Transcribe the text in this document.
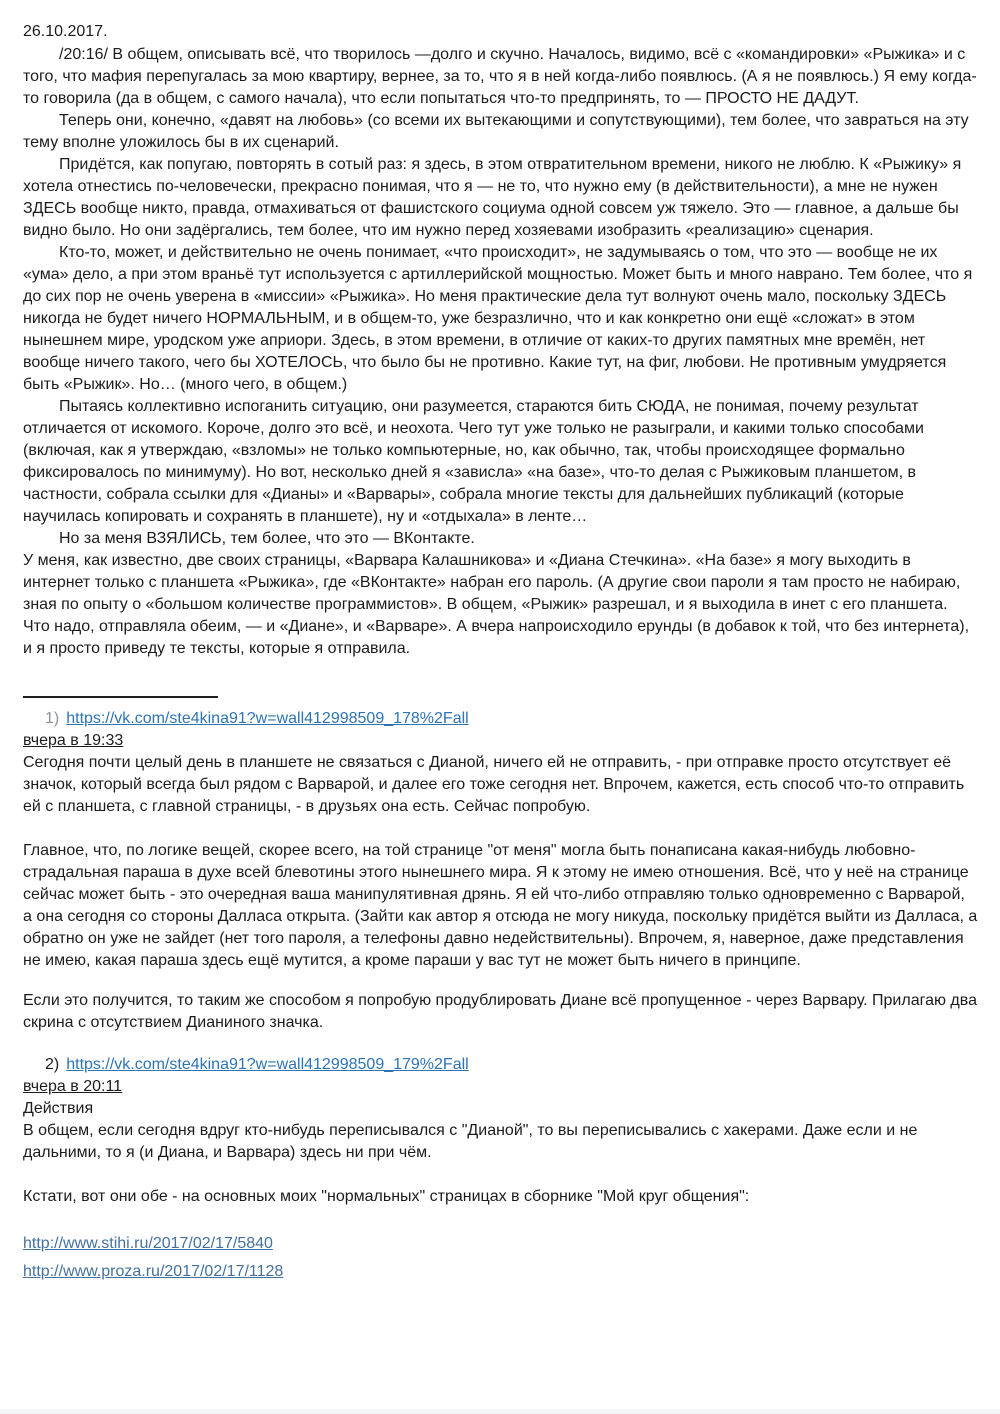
26.10.2017.

/20:16/ В общем, описывать всё, что творилось —долго и скучно. Началось, видимо, всё с «командировки» «Рыжика» и с того, что мафия перепугалась за мою квартиру, вернее, за то, что я в ней когда-либо появлюсь. (А я не появлюсь.) Я ему когда-то говорила (да в общем, с самого начала), что если попытаться что-то предпринять, то — ПРОСТО НЕ ДАДУТ.

Теперь они, конечно, «давят на любовь» (со всеми их вытекающими и сопутствующими), тем более, что завраться на эту тему вполне уложилось бы в их сценарий.

Придётся, как попугаю, повторять в сотый раз: я здесь, в этом отвратительном времени, никого не люблю. К «Рыжику» я хотела отнестись по-человечески, прекрасно понимая, что я — не то, что нужно ему (в действительности), а мне не нужен ЗДЕСЬ вообще никто, правда, отмахиваться от фашистского социума одной совсем уж тяжело. Это — главное, а дальше бы видно было. Но они задёргались, тем более, что им нужно перед хозяевами изобразить «реализацию» сценария.

Кто-то, может, и действительно не очень понимает, «что происходит», не задумываясь о том, что это — вообще не их «ума» дело, а при этом враньё тут используется с артиллерийской мощностью. Может быть и много наврано. Тем более, что я до сих пор не очень уверена в «миссии» «Рыжика». Но меня практические дела тут волнуют очень мало, поскольку ЗДЕСЬ никогда не будет ничего НОРМАЛЬНЫМ, и в общем-то, уже безразлично, что и как конкретно они ещё «сложат» в этом нынешнем мире, уродском уже априори. Здесь, в этом времени, в отличие от каких-то других памятных мне времён, нет вообще ничего такого, чего бы ХОТЕЛОСЬ, что было бы не противно. Какие тут, на фиг, любови. Не противным умудряется быть «Рыжик». Но… (много чего, в общем.)

Пытаясь коллективно испоганить ситуацию, они разумеется, стараются бить СЮДА, не понимая, почему результат отличается от искомого. Короче, долго это всё, и неохота. Чего тут уже только не разыграли, и какими только способами (включая, как я утверждаю, «взломы» не только компьютерные, но, как обычно, так, чтобы происходящее формально фиксировалось по минимуму). Но вот, несколько дней я «зависла» «на базе», что-то делая с Рыжиковым планшетом, в частности, собрала ссылки для «Дианы» и «Варвары», собрала многие тексты для дальнейших публикаций (которые научилась копировать и сохранять в планшете), ну и «отдыхала» в ленте…

Но за меня ВЗЯЛИСЬ, тем более, что это — ВКонтакте.

У меня, как известно, две своих страницы, «Варвара Калашникова» и «Диана Стечкина». «На базе» я могу выходить в интернет только с планшета «Рыжика», где «ВКонтакте» набран его пароль. (А другие свои пароли я там просто не набираю, зная по опыту о «большом количестве программистов». В общем, «Рыжик» разрешал, и я выходила в инет с его планшета. Что надо, отправляла обеим, — и «Диане», и «Варваре». А вчера напроисходило ерунды (в добавок к той, что без интернета), и я просто приведу те тексты, которые я отправила.

1) https://vk.com/ste4kina91?w=wall412998509_178%2Fall

вчера в 19:33

Сегодня почти целый день в планшете не связаться с Дианой, ничего ей не отправить, - при отправке просто отсутствует её значок, который всегда был рядом с Варварой, и далее его тоже сегодня нет. Впрочем, кажется, есть способ что-то отправить ей с планшета, с главной страницы, - в друзьях она есть. Сейчас попробую.

Главное, что, по логике вещей, скорее всего, на той странице "от меня" могла быть понаписана какая-нибудь любовно-страдальная параша в духе всей блевотины этого нынешнего мира. Я к этому не имею отношения. Всё, что у неё на странице сейчас может быть - это очередная ваша манипулятивная дрянь. Я ей что-либо отправляю только одновременно с Варварой, а она сегодня со стороны Далласа открыта. (Зайти как автор я отсюда не могу никуда, поскольку придётся выйти из Далласа, а обратно он уже не зайдет (нет того пароля, а телефоны давно недействительны). Впрочем, я, наверное, даже представления не имею, какая параша здесь ещё мутится, а кроме параши у вас тут не может быть ничего в принципе.

Если это получится, то таким же способом я попробую продублировать Диане всё пропущенное - через Варвару. Прилагаю два скрина с отсутствием Дианиного значка.

2) https://vk.com/ste4kina91?w=wall412998509_179%2Fall

вчера в 20:11

Действия

В общем, если сегодня вдруг кто-нибудь переписывался с "Дианой", то вы переписывались с хакерами. Даже если и не дальними, то я (и Диана, и Варвара) здесь ни при чём.

Кстати, вот они обе - на основных моих "нормальных" страницах в сборнике "Мой круг общения":

http://www.stihi.ru/2017/02/17/5840

http://www.proza.ru/2017/02/17/1128
